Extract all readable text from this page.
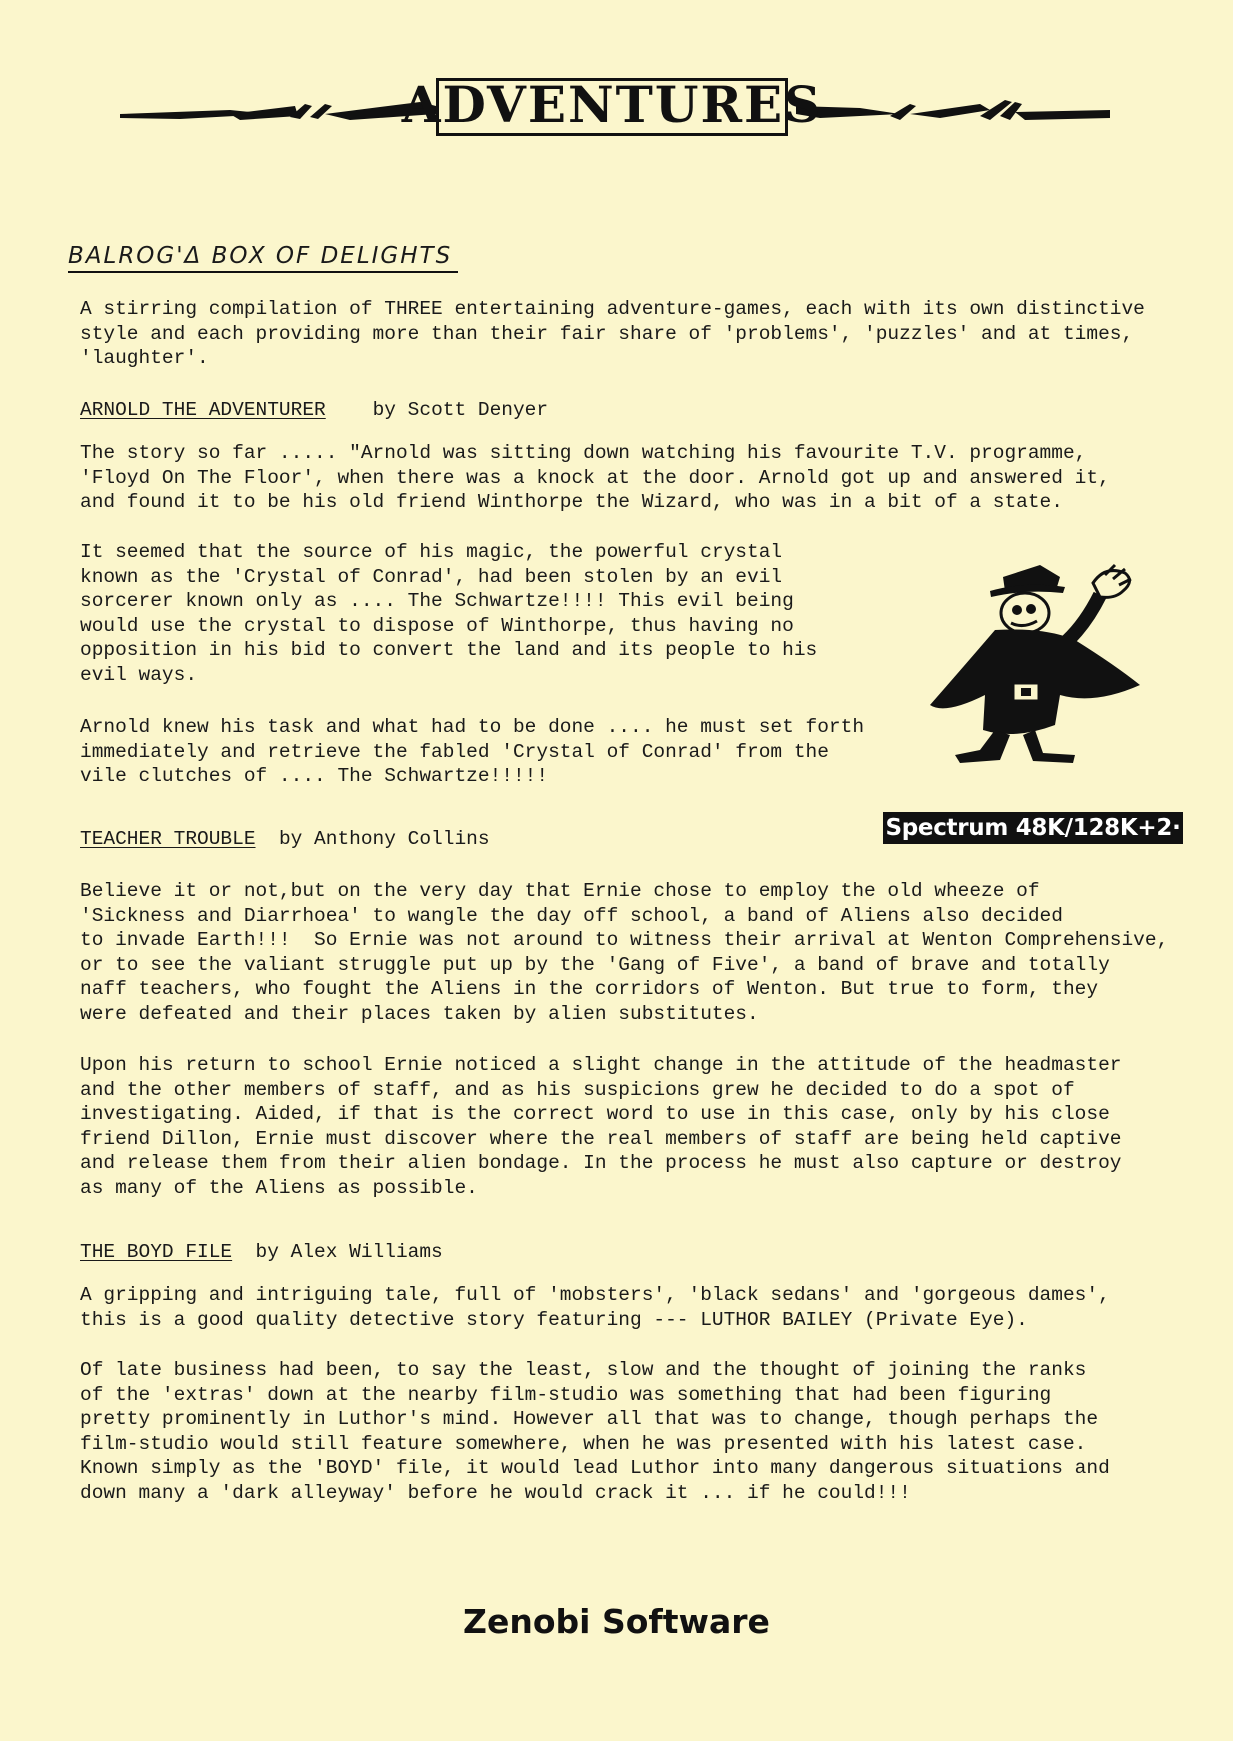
ADVENTURES
BALROG'Δ BOX OF DELIGHTS

A stirring compilation of THREE entertaining adventure-games, each with its own distinctive
style and each providing more than their fair share of 'problems', 'puzzles' and at times,
'laughter'.

ARNOLD THE ADVENTURER by Scott Denyer

The story so far ..... "Arnold was sitting down watching his favourite T.V. programme,
'Floyd On The Floor', when there was a knock at the door. Arnold got up and answered it,
and found it to be his old friend Winthorpe the Wizard, who was in a bit of a state.

It seemed that the source of his magic, the powerful crystal
known as the 'Crystal of Conrad', had been stolen by an evil
sorcerer known only as .... The Schwartze!!!! This evil being
would use the crystal to dispose of Winthorpe, thus having no
opposition in his bid to convert the land and its people to his
evil ways.

Arnold knew his task and what had to be done .... he must set forth
immediately and retrieve the fabled 'Crystal of Conrad' from the
vile clutches of .... The Schwartze!!!!!

Spectrum 48K/128K+2·
TEACHER TROUBLE by Anthony Collins

Believe it or not,but on the very day that Ernie chose to employ the old wheeze of
'Sickness and Diarrhoea' to wangle the day off school, a band of Aliens also decided
to invade Earth!!!  So Ernie was not around to witness their arrival at Wenton Comprehensive,
or to see the valiant struggle put up by the 'Gang of Five', a band of brave and totally
naff teachers, who fought the Aliens in the corridors of Wenton. But true to form, they
were defeated and their places taken by alien substitutes.

Upon his return to school Ernie noticed a slight change in the attitude of the headmaster
and the other members of staff, and as his suspicions grew he decided to do a spot of
investigating. Aided, if that is the correct word to use in this case, only by his close
friend Dillon, Ernie must discover where the real members of staff are being held captive
and release them from their alien bondage. In the process he must also capture or destroy
as many of the Aliens as possible.

THE BOYD FILE by Alex Williams

A gripping and intriguing tale, full of 'mobsters', 'black sedans' and 'gorgeous dames',
this is a good quality detective story featuring --- LUTHOR BAILEY (Private Eye).

Of late business had been, to say the least, slow and the thought of joining the ranks
of the 'extras' down at the nearby film-studio was something that had been figuring
pretty prominently in Luthor's mind. However all that was to change, though perhaps the
film-studio would still feature somewhere, when he was presented with his latest case.
Known simply as the 'BOYD' file, it would lead Luthor into many dangerous situations and
down many a 'dark alleyway' before he would crack it ... if he could!!!

Zenobi Software
